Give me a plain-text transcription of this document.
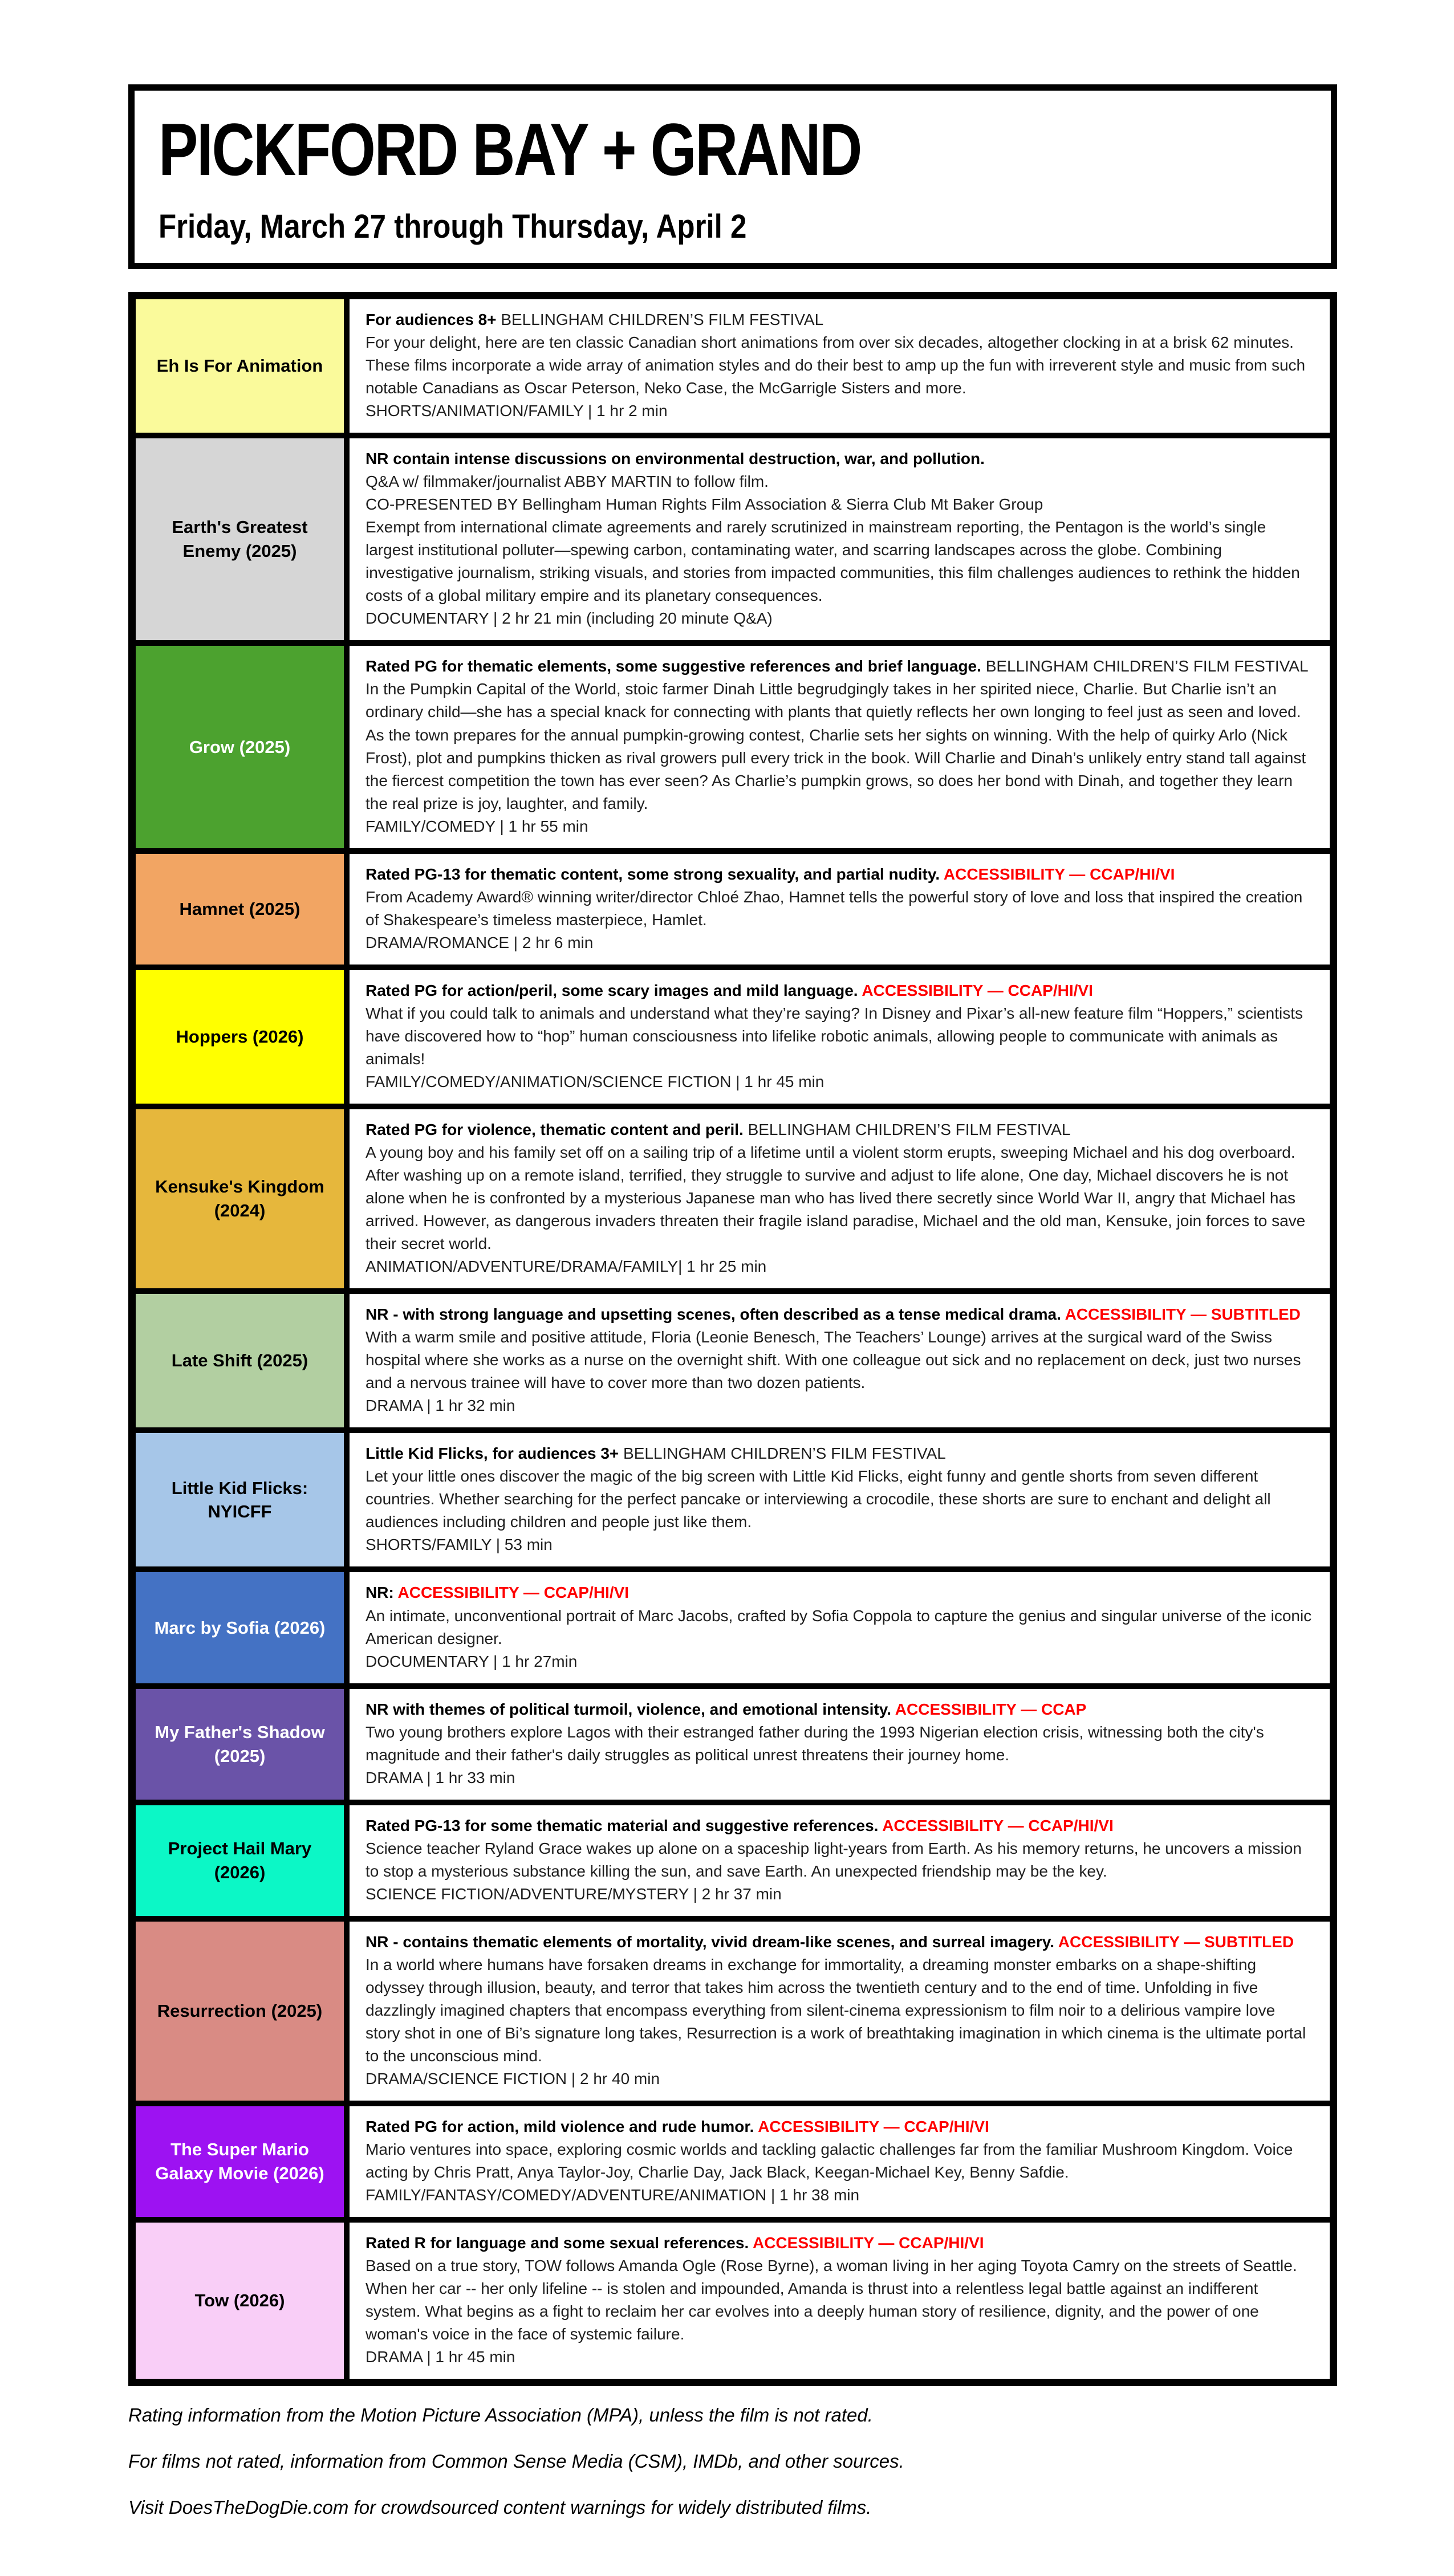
PICKFORD BAY + GRAND
Friday, March 27 through Thursday, April 2
Eh Is For Animation	For audiences 8+ BELLINGHAM CHILDREN’S FILM FESTIVAL
For your delight, here are ten classic Canadian short animations from over six decades, altogether clocking in at a brisk 62 minutes. These films incorporate a wide array of animation styles and do their best to amp up the fun with irreverent style and music from such notable Canadians as Oscar Peterson, Neko Case, the McGarrigle Sisters and more.
SHORTS/ANIMATION/FAMILY | 1 hr 2 min

Earth's Greatest Enemy (2025)	NR contain intense discussions on environmental destruction, war, and pollution.
Q&A w/ filmmaker/journalist ABBY MARTIN to follow film.
CO-PRESENTED BY Bellingham Human Rights Film Association & Sierra Club Mt Baker Group
Exempt from international climate agreements and rarely scrutinized in mainstream reporting, the Pentagon is the world’s single largest institutional polluter—spewing carbon, contaminating water, and scarring landscapes across the globe. Combining investigative journalism, striking visuals, and stories from impacted communities, this film challenges audiences to rethink the hidden costs of a global military empire and its planetary consequences.
DOCUMENTARY | 2 hr 21 min (including 20 minute Q&A)

Grow (2025)	Rated PG for thematic elements, some suggestive references and brief language. BELLINGHAM CHILDREN’S FILM FESTIVAL
In the Pumpkin Capital of the World, stoic farmer Dinah Little begrudgingly takes in her spirited niece, Charlie. But Charlie isn’t an ordinary child—she has a special knack for connecting with plants that quietly reflects her own longing to feel just as seen and loved. As the town prepares for the annual pumpkin-growing contest, Charlie sets her sights on winning. With the help of quirky Arlo (Nick Frost), plot and pumpkins thicken as rival growers pull every trick in the book. Will Charlie and Dinah’s unlikely entry stand tall against the fiercest competition the town has ever seen? As Charlie’s pumpkin grows, so does her bond with Dinah, and together they learn the real prize is joy, laughter, and family.
FAMILY/COMEDY | 1 hr 55 min

Hamnet (2025)	Rated PG-13 for thematic content, some strong sexuality, and partial nudity. ACCESSIBILITY — CCAP/HI/VI
From Academy Award® winning writer/director Chloé Zhao, Hamnet tells the powerful story of love and loss that inspired the creation of Shakespeare’s timeless masterpiece, Hamlet.
DRAMA/ROMANCE | 2 hr 6 min

Hoppers (2026)	Rated PG for action/peril, some scary images and mild language. ACCESSIBILITY — CCAP/HI/VI
What if you could talk to animals and understand what they’re saying? In Disney and Pixar’s all-new feature film “Hoppers,” scientists have discovered how to “hop” human consciousness into lifelike robotic animals, allowing people to communicate with animals as animals!
FAMILY/COMEDY/ANIMATION/SCIENCE FICTION | 1 hr 45 min

Kensuke's Kingdom (2024)	Rated PG for violence, thematic content and peril. BELLINGHAM CHILDREN’S FILM FESTIVAL
A young boy and his family set off on a sailing trip of a lifetime until a violent storm erupts, sweeping Michael and his dog overboard. After washing up on a remote island, terrified, they struggle to survive and adjust to life alone, One day, Michael discovers he is not alone when he is confronted by a mysterious Japanese man who has lived there secretly since World War II, angry that Michael has arrived. However, as dangerous invaders threaten their fragile island paradise, Michael and the old man, Kensuke, join forces to save their secret world.
ANIMATION/ADVENTURE/DRAMA/FAMILY| 1 hr 25 min

Late Shift (2025)	NR - with strong language and upsetting scenes, often described as a tense medical drama. ACCESSIBILITY — SUBTITLED
With a warm smile and positive attitude, Floria (Leonie Benesch, The Teachers’ Lounge) arrives at the surgical ward of the Swiss hospital where she works as a nurse on the overnight shift. With one colleague out sick and no replacement on deck, just two nurses and a nervous trainee will have to cover more than two dozen patients.
DRAMA | 1 hr 32 min

Little Kid Flicks: NYICFF	Little Kid Flicks, for audiences 3+ BELLINGHAM CHILDREN’S FILM FESTIVAL
Let your little ones discover the magic of the big screen with Little Kid Flicks, eight funny and gentle shorts from seven different countries. Whether searching for the perfect pancake or interviewing a crocodile, these shorts are sure to enchant and delight all audiences including children and people just like them.
SHORTS/FAMILY | 53 min

Marc by Sofia (2026)	NR: ACCESSIBILITY — CCAP/HI/VI
An intimate, unconventional portrait of Marc Jacobs, crafted by Sofia Coppola to capture the genius and singular universe of the iconic American designer.
DOCUMENTARY | 1 hr 27min

My Father's Shadow (2025)	NR with themes of political turmoil, violence, and emotional intensity. ACCESSIBILITY — CCAP
Two young brothers explore Lagos with their estranged father during the 1993 Nigerian election crisis, witnessing both the city's magnitude and their father's daily struggles as political unrest threatens their journey home.
DRAMA | 1 hr 33 min

Project Hail Mary (2026)	Rated PG-13 for some thematic material and suggestive references. ACCESSIBILITY — CCAP/HI/VI
Science teacher Ryland Grace wakes up alone on a spaceship light-years from Earth. As his memory returns, he uncovers a mission to stop a mysterious substance killing the sun, and save Earth. An unexpected friendship may be the key.
SCIENCE FICTION/ADVENTURE/MYSTERY | 2 hr 37 min

Resurrection (2025)	NR - contains thematic elements of mortality, vivid dream-like scenes, and surreal imagery. ACCESSIBILITY — SUBTITLED
In a world where humans have forsaken dreams in exchange for immortality, a dreaming monster embarks on a shape-shifting odyssey through illusion, beauty, and terror that takes him across the twentieth century and to the end of time. Unfolding in five dazzlingly imagined chapters that encompass everything from silent-cinema expressionism to film noir to a delirious vampire love story shot in one of Bi’s signature long takes, Resurrection is a work of breathtaking imagination in which cinema is the ultimate portal to the unconscious mind.
DRAMA/SCIENCE FICTION | 2 hr 40 min

The Super Mario Galaxy Movie (2026)	Rated PG for action, mild violence and rude humor. ACCESSIBILITY — CCAP/HI/VI
Mario ventures into space, exploring cosmic worlds and tackling galactic challenges far from the familiar Mushroom Kingdom. Voice acting by Chris Pratt, Anya Taylor-Joy, Charlie Day, Jack Black, Keegan-Michael Key, Benny Safdie.
FAMILY/FANTASY/COMEDY/ADVENTURE/ANIMATION | 1 hr 38 min

Tow (2026)	Rated R for language and some sexual references. ACCESSIBILITY — CCAP/HI/VI
Based on a true story, TOW follows Amanda Ogle (Rose Byrne), a woman living in her aging Toyota Camry on the streets of Seattle. When her car -- her only lifeline -- is stolen and impounded, Amanda is thrust into a relentless legal battle against an indifferent system. What begins as a fight to reclaim her car evolves into a deeply human story of resilience, dignity, and the power of one woman's voice in the face of systemic failure.
DRAMA | 1 hr 45 min
Rating information from the Motion Picture Association (MPA), unless the film is not rated.
For films not rated, information from Common Sense Media (CSM), IMDb, and other sources.
Visit DoesTheDogDie.com for crowdsourced content warnings for widely distributed films.
